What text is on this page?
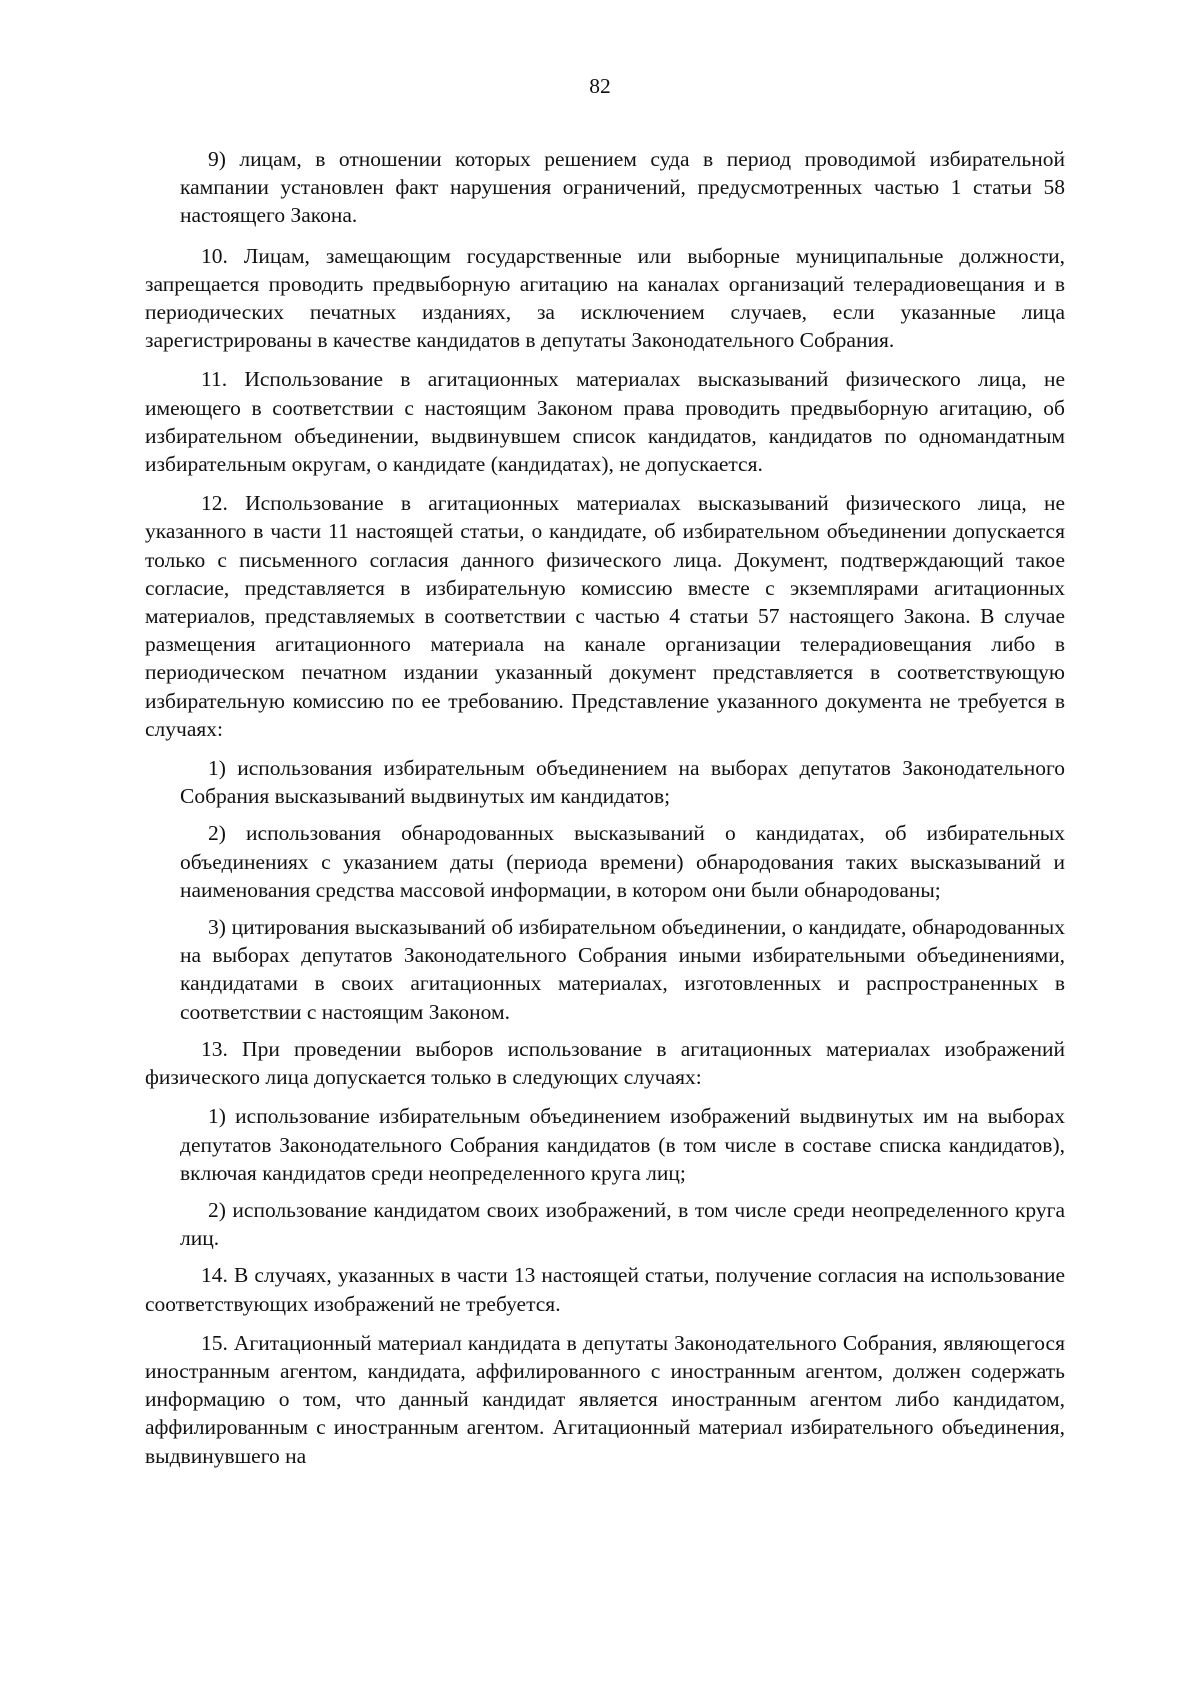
82

9) лицам, в отношении которых решением суда в период проводимой избирательной кампании установлен факт нарушения ограничений, предусмотренных частью 1 статьи 58 настоящего Закона.

10. Лицам, замещающим государственные или выборные муниципальные должности, запрещается проводить предвыборную агитацию на каналах организаций телерадиовещания и в периодических печатных изданиях, за исключением случаев, если указанные лица зарегистрированы в качестве кандидатов в депутаты Законодательного Собрания.

11. Использование в агитационных материалах высказываний физического лица, не имеющего в соответствии с настоящим Законом права проводить предвыборную агитацию, об избирательном объединении, выдвинувшем список кандидатов, кандидатов по одномандатным избирательным округам, о кандидате (кандидатах), не допускается.

12. Использование в агитационных материалах высказываний физического лица, не указанного в части 11 настоящей статьи, о кандидате, об избирательном объединении допускается только с письменного согласия данного физического лица. Документ, подтверждающий такое согласие, представляется в избирательную комиссию вместе с экземплярами агитационных материалов, представляемых в соответствии с частью 4 статьи 57 настоящего Закона. В случае размещения агитационного материала на канале организации телерадиовещания либо в периодическом печатном издании указанный документ представляется в соответствующую избирательную комиссию по ее требованию. Представление указанного документа не требуется в случаях:

1) использования избирательным объединением на выборах депутатов Законодательного Собрания высказываний выдвинутых им кандидатов;

2) использования обнародованных высказываний о кандидатах, об избирательных объединениях с указанием даты (периода времени) обнародования таких высказываний и наименования средства массовой информации, в котором они были обнародованы;

3) цитирования высказываний об избирательном объединении, о кандидате, обнародованных на выборах депутатов Законодательного Собрания иными избирательными объединениями, кандидатами в своих агитационных материалах, изготовленных и распространенных в соответствии с настоящим Законом.

13. При проведении выборов использование в агитационных материалах изображений физического лица допускается только в следующих случаях:

1) использование избирательным объединением изображений выдвинутых им на выборах депутатов Законодательного Собрания кандидатов (в том числе в составе списка кандидатов), включая кандидатов среди неопределенного круга лиц;

2) использование кандидатом своих изображений, в том числе среди неопределенного круга лиц.

14. В случаях, указанных в части 13 настоящей статьи, получение согласия на использование соответствующих изображений не требуется.

15. Агитационный материал кандидата в депутаты Законодательного Собрания, являющегося иностранным агентом, кандидата, аффилированного с иностранным агентом, должен содержать информацию о том, что данный кандидат является иностранным агентом либо кандидатом, аффилированным с иностранным агентом. Агитационный материал избирательного объединения, выдвинувшего на
